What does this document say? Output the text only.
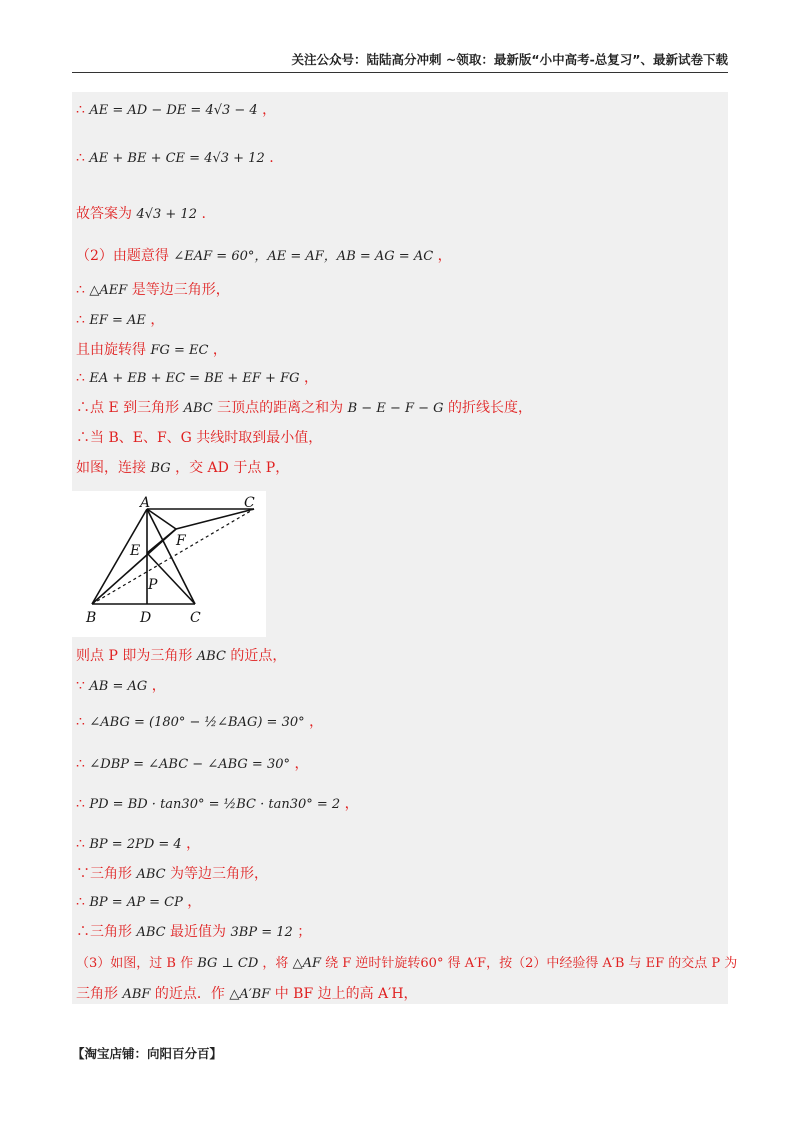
关注公众号：陆陆高分冲刺 ~领取：最新版“小中高考-总复习”、最新试卷下载
∴ AE = AD − DE = 4√3 − 4 ，
∴ AE + BE + CE = 4√3 + 12 .
故答案为 4√3 + 12 .
（2）由题意得 ∠EAF = 60°，AE = AF，AB = AG = AC ，
∴ △AEF 是等边三角形，
∴ EF = AE ，
且由旋转得 FG = EC ，
∴ EA + EB + EC = BE + EF + FG ，
∴点 E 到三角形 ABC 三顶点的距离之和为 B − E − F − G 的折线长度，
∴当 B、E、F、G 共线时取到最小值，
如图，连接 BG ，交 AD 于点 P，
则点 P 即为三角形 ABC 的近点，
∵ AB = AG ，
∴ ∠ABG = (180° − ½∠BAG) = 30° ，
∴ ∠DBP = ∠ABC − ∠ABG = 30° ，
∴ PD = BD · tan30° = ½BC · tan30° = 2 ，
∴ BP = 2PD = 4 ，
∵三角形 ABC 为等边三角形，
∴ BP = AP = CP ，
∴三角形 ABC 最近值为 3BP = 12 ；
（3）如图，过 B 作 BG ⊥ CD ，将 △AF 绕 F 逆时针旋转60° 得 A′F，按（2）中经验得 A′B 与 EF 的交点 P 为
三角形 ABF 的近点．作 △A′BF 中 BF 边上的高 A′H，
A	C
E
F
P
B	D	C
【淘宝店铺：向阳百分百】
